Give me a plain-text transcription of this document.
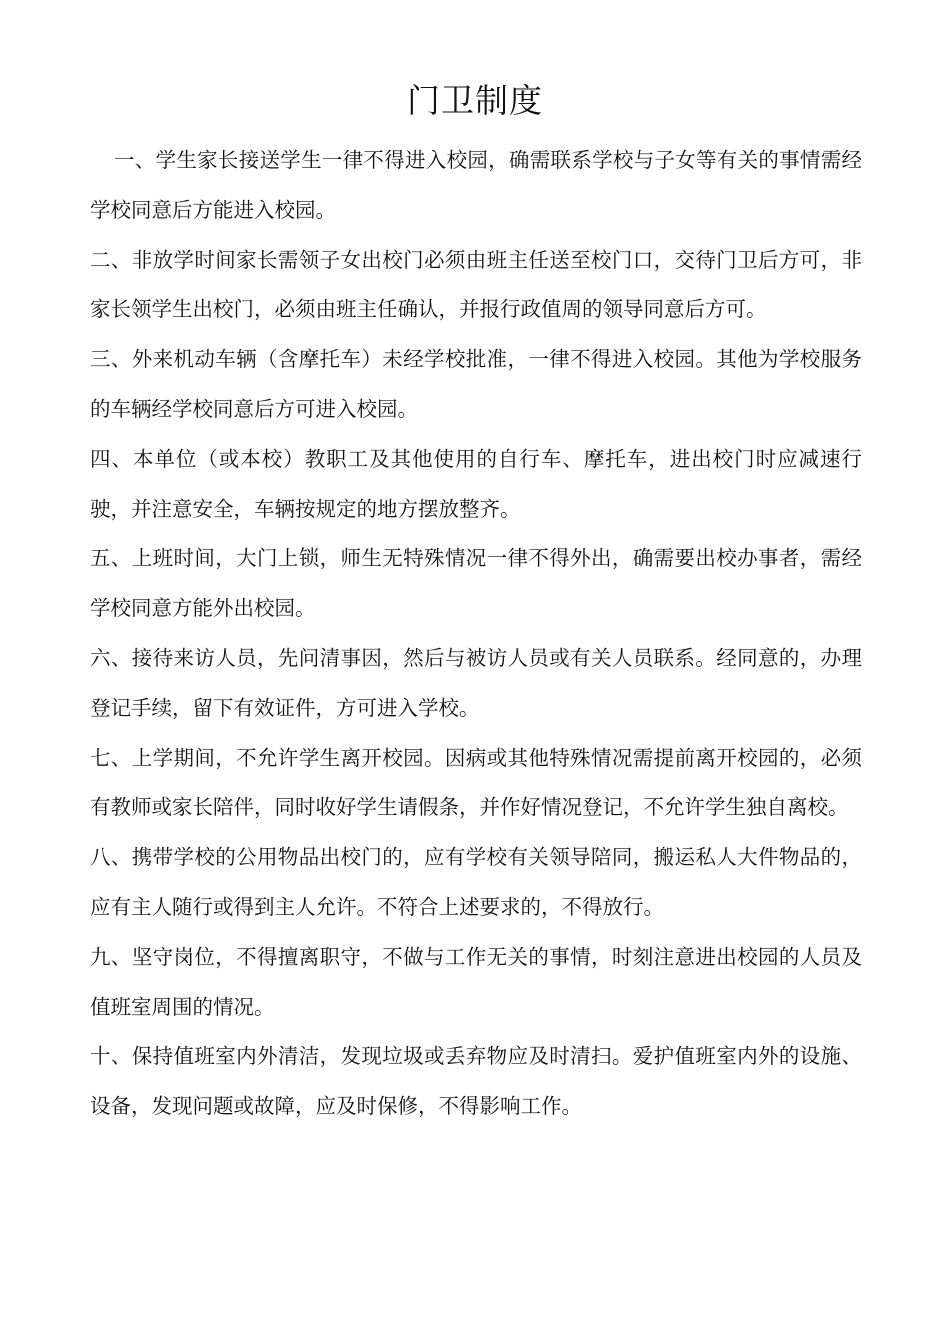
门卫制度

一、学生家长接送学生一律不得进入校园，确需联系学校与子女等有关的事情需经学校同意后方能进入校园。

二、非放学时间家长需领子女出校门必须由班主任送至校门口，交待门卫后方可，非家长领学生出校门，必须由班主任确认，并报行政值周的领导同意后方可。

三、外来机动车辆（含摩托车）未经学校批准，一律不得进入校园。其他为学校服务的车辆经学校同意后方可进入校园。

四、本单位（或本校）教职工及其他使用的自行车、摩托车，进出校门时应减速行驶，并注意安全，车辆按规定的地方摆放整齐。

五、上班时间，大门上锁，师生无特殊情况一律不得外出，确需要出校办事者，需经学校同意方能外出校园。

六、接待来访人员，先问清事因，然后与被访人员或有关人员联系。经同意的，办理登记手续，留下有效证件，方可进入学校。

七、上学期间，不允许学生离开校园。因病或其他特殊情况需提前离开校园的，必须有教师或家长陪伴，同时收好学生请假条，并作好情况登记，不允许学生独自离校。

八、携带学校的公用物品出校门的，应有学校有关领导陪同，搬运私人大件物品的，应有主人随行或得到主人允许。不符合上述要求的，不得放行。

九、坚守岗位，不得擅离职守，不做与工作无关的事情，时刻注意进出校园的人员及值班室周围的情况。

十、保持值班室内外清洁，发现垃圾或丢弃物应及时清扫。爱护值班室内外的设施、设备，发现问题或故障，应及时保修，不得影响工作。
